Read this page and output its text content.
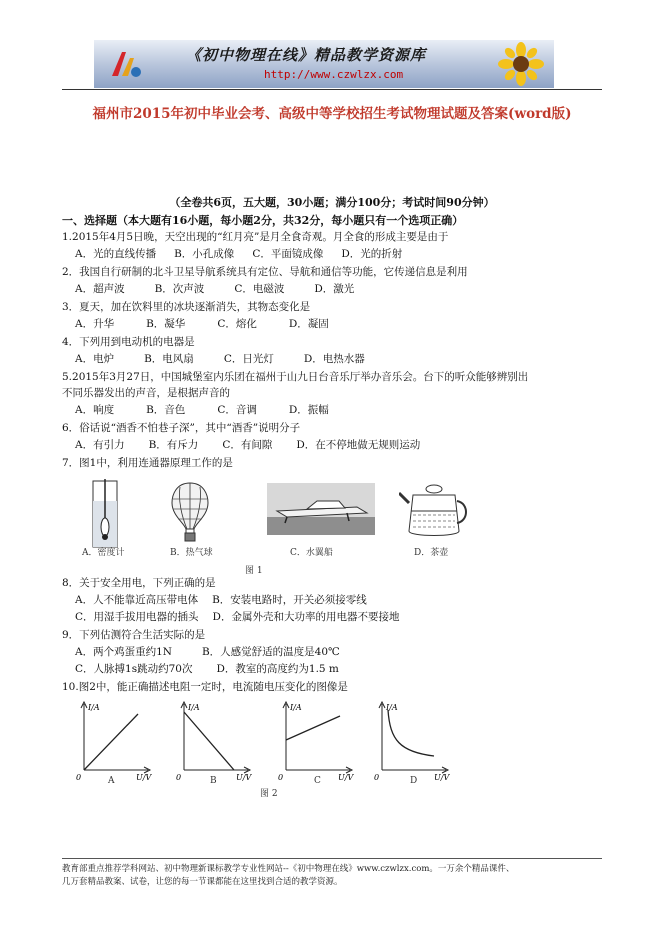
《初中物理在线》精品教学资源库
http://www.czwlzx.com
福州市2015年初中毕业会考、高级中等学校招生考试物理试题及答案(word版)
（全卷共6页，五大题，30小题；满分100分；考试时间90分钟）
一、选择题（本大题有16小题，每小题2分，共32分，每小题只有一个选项正确）
1.2015年4月5日晚，天空出现的“红月亮”是月全食奇观。月全食的形成主要是由于
A．光的直线传播 B．小孔成像 C．平面镜成像 D．光的折射
2．我国自行研制的北斗卫星导航系统具有定位、导航和通信等功能，它传递信息是利用
A．超声波	B．次声波	C．电磁波	D．激光
3．夏天，加在饮料里的冰块逐渐消失，其物态变化是
A．升华	B．凝华	C．熔化	D．凝固
4．下列用到电动机的电器是
A．电炉	B．电风扇	C．日光灯	D．电热水器
5.2015年3月27日，中国城堡室内乐团在福州于山九日台音乐厅举办音乐会。台下的听众能够辨别出
不同乐器发出的声音，是根据声音的
A．响度	B．音色	C．音调	D．振幅
6．俗话说“酒香不怕巷子深”，其中“酒香”说明分子
A．有引力 B．有斥力 C．有间隙 D．在不停地做无规则运动
7．图1中，利用连通器原理工作的是
A．密度计	B．热气球	C．水翼船	D．茶壶
图 1
8．关于安全用电，下列正确的是
A．人不能靠近高压带电体 B．安装电路时，开关必须接零线
C．用湿手拔用电器的插头 D．金属外壳和大功率的用电器不要接地
9．下列估测符合生活实际的是
A．两个鸡蛋重约1N	B．人感觉舒适的温度是40℃
C．人脉搏1s跳动约70次 D．教室的高度约为1.5 m
10.图2中，能正确描述电阻一定时，电流随电压变化的图像是
I/A
0	U/V
I/A
0	U/V
I/A
0	U/V
I/A
0	U/V
A	B	C	D
图 2
教育部重点推荐学科网站、初中物理新课标教学专业性网站--《初中物理在线》www.czwlzx.com。一万余个精品课件、
几万套精品教案、试卷，让您的每一节课都能在这里找到合适的教学资源。
